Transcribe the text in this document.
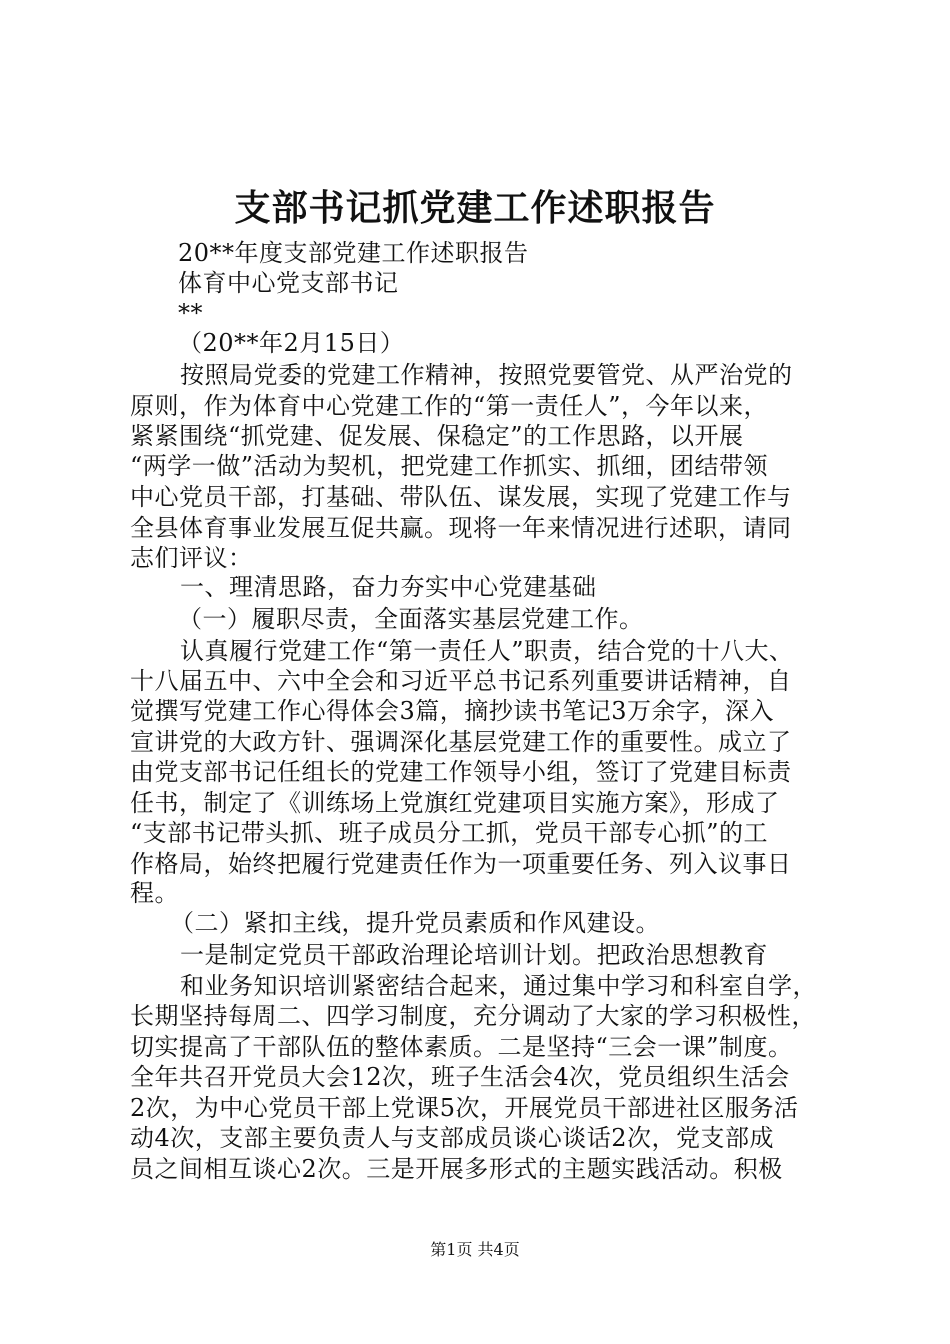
支部书记抓党建工作述职报告
20**年度支部党建工作述职报告
体育中心党支部书记
**
（20**年2月15日）
按照局党委的党建工作精神，按照党要管党、从严治党的
原则，作为体育中心党建工作的“第一责任人”，今年以来，
紧紧围绕“抓党建、促发展、保稳定”的工作思路，以开展
“两学一做”活动为契机，把党建工作抓实、抓细，团结带领
中心党员干部，打基础、带队伍、谋发展，实现了党建工作与
全县体育事业发展互促共赢。现将一年来情况进行述职，请同
志们评议：
一、理清思路，奋力夯实中心党建基础
（一）履职尽责，全面落实基层党建工作。
认真履行党建工作“第一责任人”职责，结合党的十八大、
十八届五中、六中全会和习近平总书记系列重要讲话精神，自
觉撰写党建工作心得体会3篇，摘抄读书笔记3万余字，深入
宣讲党的大政方针、强调深化基层党建工作的重要性。成立了
由党支部书记任组长的党建工作领导小组，签订了党建目标责
任书，制定了《训练场上党旗红党建项目实施方案》，形成了
“支部书记带头抓、班子成员分工抓，党员干部专心抓”的工
作格局，始终把履行党建责任作为一项重要任务、列入议事日
程。
（二）紧扣主线，提升党员素质和作风建设。
一是制定党员干部政治理论培训计划。把政治思想教育
和业务知识培训紧密结合起来，通过集中学习和科室自学，
长期坚持每周二、四学习制度，充分调动了大家的学习积极性，
切实提高了干部队伍的整体素质。二是坚持“三会一课”制度。
全年共召开党员大会12次，班子生活会4次，党员组织生活会
2次，为中心党员干部上党课5次，开展党员干部进社区服务活
动4次，支部主要负责人与支部成员谈心谈话2次，党支部成
员之间相互谈心2次。三是开展多形式的主题实践活动。积极
第1页 共4页
